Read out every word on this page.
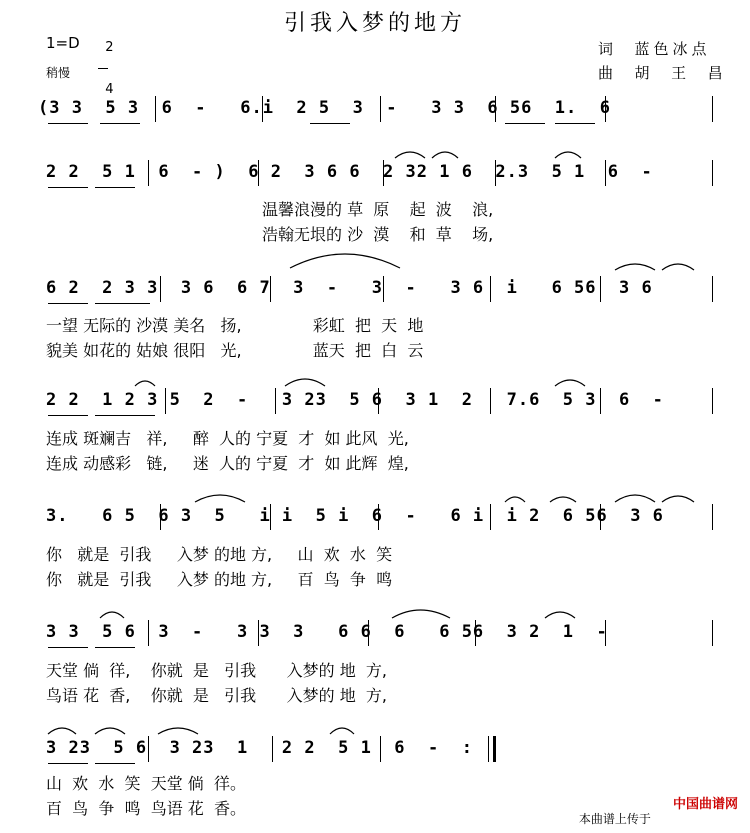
引我入梦的地方
1=D	2

4

稍慢
词  蓝色冰点
曲  胡  王  昌
(3 3  5 3  6  -   6.i  2 5  3  -   3 3  6 56  1.  6
2 2  5 1  6  - )  6 2  3 6 6  2 32 1 6  2.3  5 1  6  -
温馨浪漫的 草  原    起  波    浪,
浩翰无垠的 沙  漠    和  草    场,
6 2  2 3 3  3 6  6 7  3  -   3  -   3 6  i   6 56  3 6
一望 无际的 沙漠 美名   扬,              彩虹  把  天  地
貌美 如花的 姑娘 很阳   光,              蓝天  把  白  云
2 2  1 2 3 5  2  -   3 23  5 6  3 1  2   7.6  5 3  6  -
连成 斑斓吉   祥,     醉  人的 宁夏  才  如 此风  光,
连成 动感彩   链,     迷  人的 宁夏  才  如 此辉  煌,
3.   6 5  6 3  5   i i  5 i  6  -   6 i  i 2  6 56  3 6
你   就是  引我     入梦 的地 方,     山  欢  水  笑
你   就是  引我     入梦 的地 方,     百  鸟  争  鸣
3 3  5 6  3  -   3 3  3   6 6  6   6 56  3 2  1  -
天堂 倘  徉,    你就  是   引我      入梦的 地  方,
鸟语 花  香,    你就  是   引我      入梦的 地  方,
3 23  5 6  3 23  1   2 2  5 1  6  -  :
山  欢  水  笑  天堂 倘  徉。
百  鸟  争  鸣  鸟语 花  香。

本曲谱上传于
中国曲谱网
